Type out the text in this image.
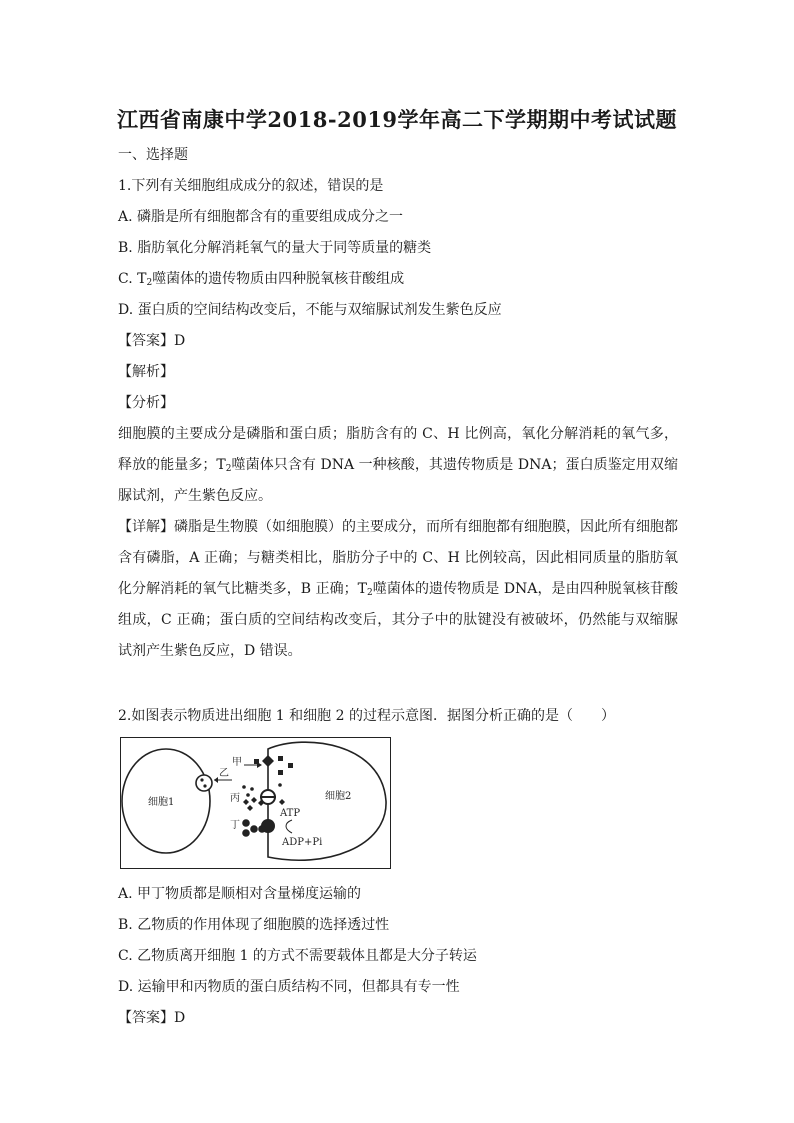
江西省南康中学2018-2019学年高二下学期期中考试试题
一、选择题
1.下列有关细胞组成成分的叙述，错误的是
A. 磷脂是所有细胞都含有的重要组成成分之一
B. 脂肪氧化分解消耗氧气的量大于同等质量的糖类
C. $T_2$噬菌体的遗传物质由四种脱氧核苷酸组成
D. 蛋白质的空间结构改变后，不能与双缩脲试剂发生紫色反应
【答案】D
【解析】
【分析】
细胞膜的主要成分是磷脂和蛋白质；脂肪含有的 C、H 比例高，氧化分解消耗的氧气多，释放的能量多；$T_2$噬菌体只含有 DNA 一种核酸，其遗传物质是 DNA；蛋白质鉴定用双缩脲试剂，产生紫色反应。
【详解】磷脂是生物膜（如细胞膜）的主要成分，而所有细胞都有细胞膜，因此所有细胞都含有磷脂，A 正确；与糖类相比，脂肪分子中的 C、H 比例较高，因此相同质量的脂肪氧化分解消耗的氧气比糖类多，B 正确；$T_2$噬菌体的遗传物质是 DNA，是由四种脱氧核苷酸组成，C 正确；蛋白质的空间结构改变后，其分子中的肽键没有被破坏，仍然能与双缩脲试剂产生紫色反应，D 错误。
2.如图表示物质进出细胞 1 和细胞 2 的过程示意图．据图分析正确的是（　　）
细胞1
细胞2
乙
甲
丙
丁
ATP
ADP+Pi
A. 甲丁物质都是顺相对含量梯度运输的
B. 乙物质的作用体现了细胞膜的选择透过性
C. 乙物质离开细胞 1 的方式不需要载体且都是大分子转运
D. 运输甲和丙物质的蛋白质结构不同，但都具有专一性
【答案】D
